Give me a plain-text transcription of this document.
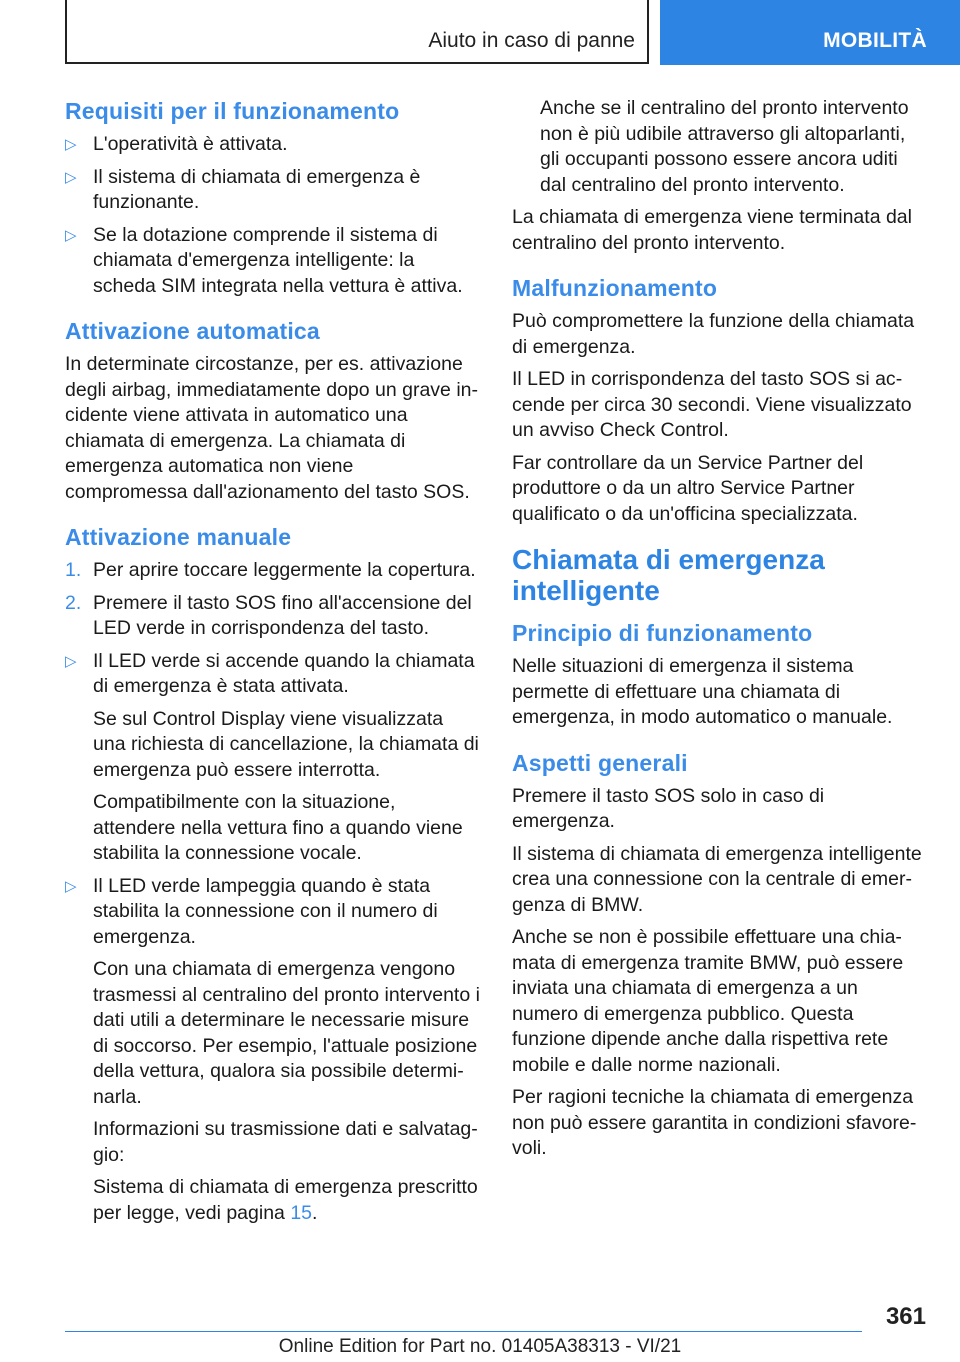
Aiuto in caso di panne	MOBILITÀ
Requisiti per il funzionamento
▷ L'operatività è attivata.
▷ Il sistema di chiamata di emergenza è funzionante.
▷ Se la dotazione comprende il sistema di chiamata d'emergenza intelligente: la scheda SIM integrata nella vettura è attiva.
Attivazione automatica

In determinate circostanze, per es. attivazione degli airbag, immediatamente dopo un grave incidente viene attivata in automatico una chiamata di emergenza. La chiamata di emergenza automatica non viene compromessa dall'azionamento del tasto SOS.

Attivazione manuale
1. Per aprire toccare leggermente la copertura.
2. Premere il tasto SOS fino all'accensione del LED verde in corrispondenza del tasto.
▷ Il LED verde si accende quando la chiamata di emergenza è stata attivata.

Se sul Control Display viene visualizzata una richiesta di cancellazione, la chiamata di emergenza può essere interrotta.

Compatibilmente con la situazione, attendere nella vettura fino a quando viene stabilita la connessione vocale.

▷ Il LED verde lampeggia quando è stata stabilita la connessione con il numero di emergenza.

Con una chiamata di emergenza vengono trasmessi al centralino del pronto intervento i dati utili a determinare le necessarie misure di soccorso. Per esempio, l'attuale posizione della vettura, qualora sia possibile determinarla.

Informazioni su trasmissione dati e salvataggio:

Sistema di chiamata di emergenza prescritto per legge, vedi pagina 15.

Anche se il centralino del pronto intervento non è più udibile attraverso gli altoparlanti, gli occupanti possono essere ancora uditi dal centralino del pronto intervento.

La chiamata di emergenza viene terminata dal centralino del pronto intervento.

Malfunzionamento

Può compromettere la funzione della chiamata di emergenza.

Il LED in corrispondenza del tasto SOS si accende per circa 30 secondi. Viene visualizzato un avviso Check Control.

Far controllare da un Service Partner del produttore o da un altro Service Partner qualificato o da un'officina specializzata.

Chiamata di emergenza intelligente
Principio di funzionamento

Nelle situazioni di emergenza il sistema permette di effettuare una chiamata di emergenza, in modo automatico o manuale.

Aspetti generali

Premere il tasto SOS solo in caso di emergenza.

Il sistema di chiamata di emergenza intelligente crea una connessione con la centrale di emergenza di BMW.

Anche se non è possibile effettuare una chiamata di emergenza tramite BMW, può essere inviata una chiamata di emergenza a un numero di emergenza pubblico. Questa funzione dipende anche dalla rispettiva rete mobile e dalle norme nazionali.

Per ragioni tecniche la chiamata di emergenza non può essere garantita in condizioni sfavorevoli.

361
Online Edition for Part no. 01405A38313 - VI/21
